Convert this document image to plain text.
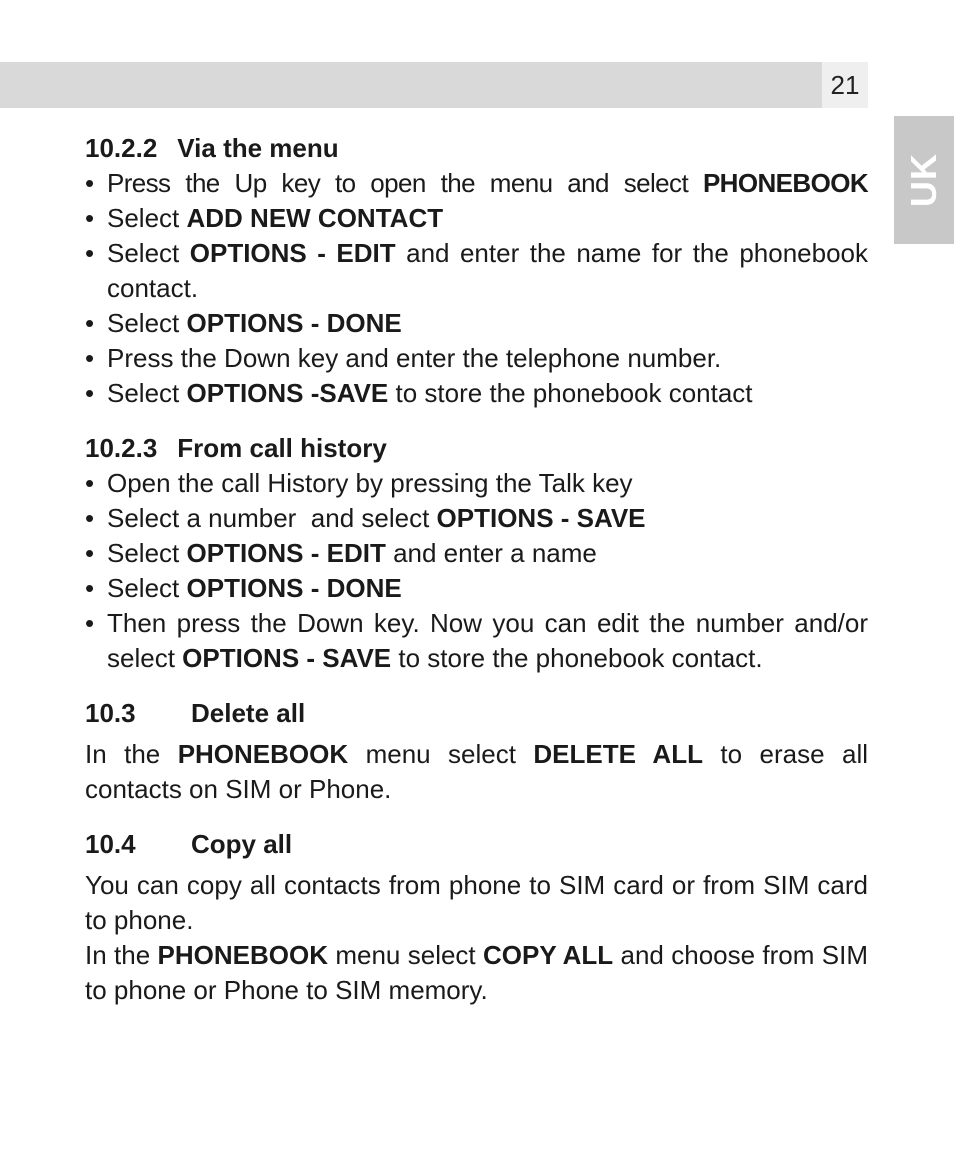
21
UK
10.2.2 Via the menu
• Press the Up key to open the menu and select PHONEBOOK
• Select ADD NEW CONTACT
• Select OPTIONS - EDIT and enter the name for the phonebook contact.
• Select OPTIONS - DONE
• Press the Down key and enter the telephone number.
• Select OPTIONS -SAVE to store the phonebook contact
10.2.3 From call history
• Open the call History by pressing the Talk key
• Select a number  and select OPTIONS - SAVE
• Select OPTIONS - EDIT and enter a name
• Select OPTIONS - DONE
• Then press the Down key. Now you can edit the number and/or select OPTIONS - SAVE to store the phonebook contact.
10.3	Delete all

In the PHONEBOOK menu select DELETE ALL to erase all contacts on SIM or Phone.

10.4	Copy all

You can copy all contacts from phone to SIM card or from SIM card to phone.

In the PHONEBOOK menu select COPY ALL and choose from SIM to phone or Phone to SIM memory.
